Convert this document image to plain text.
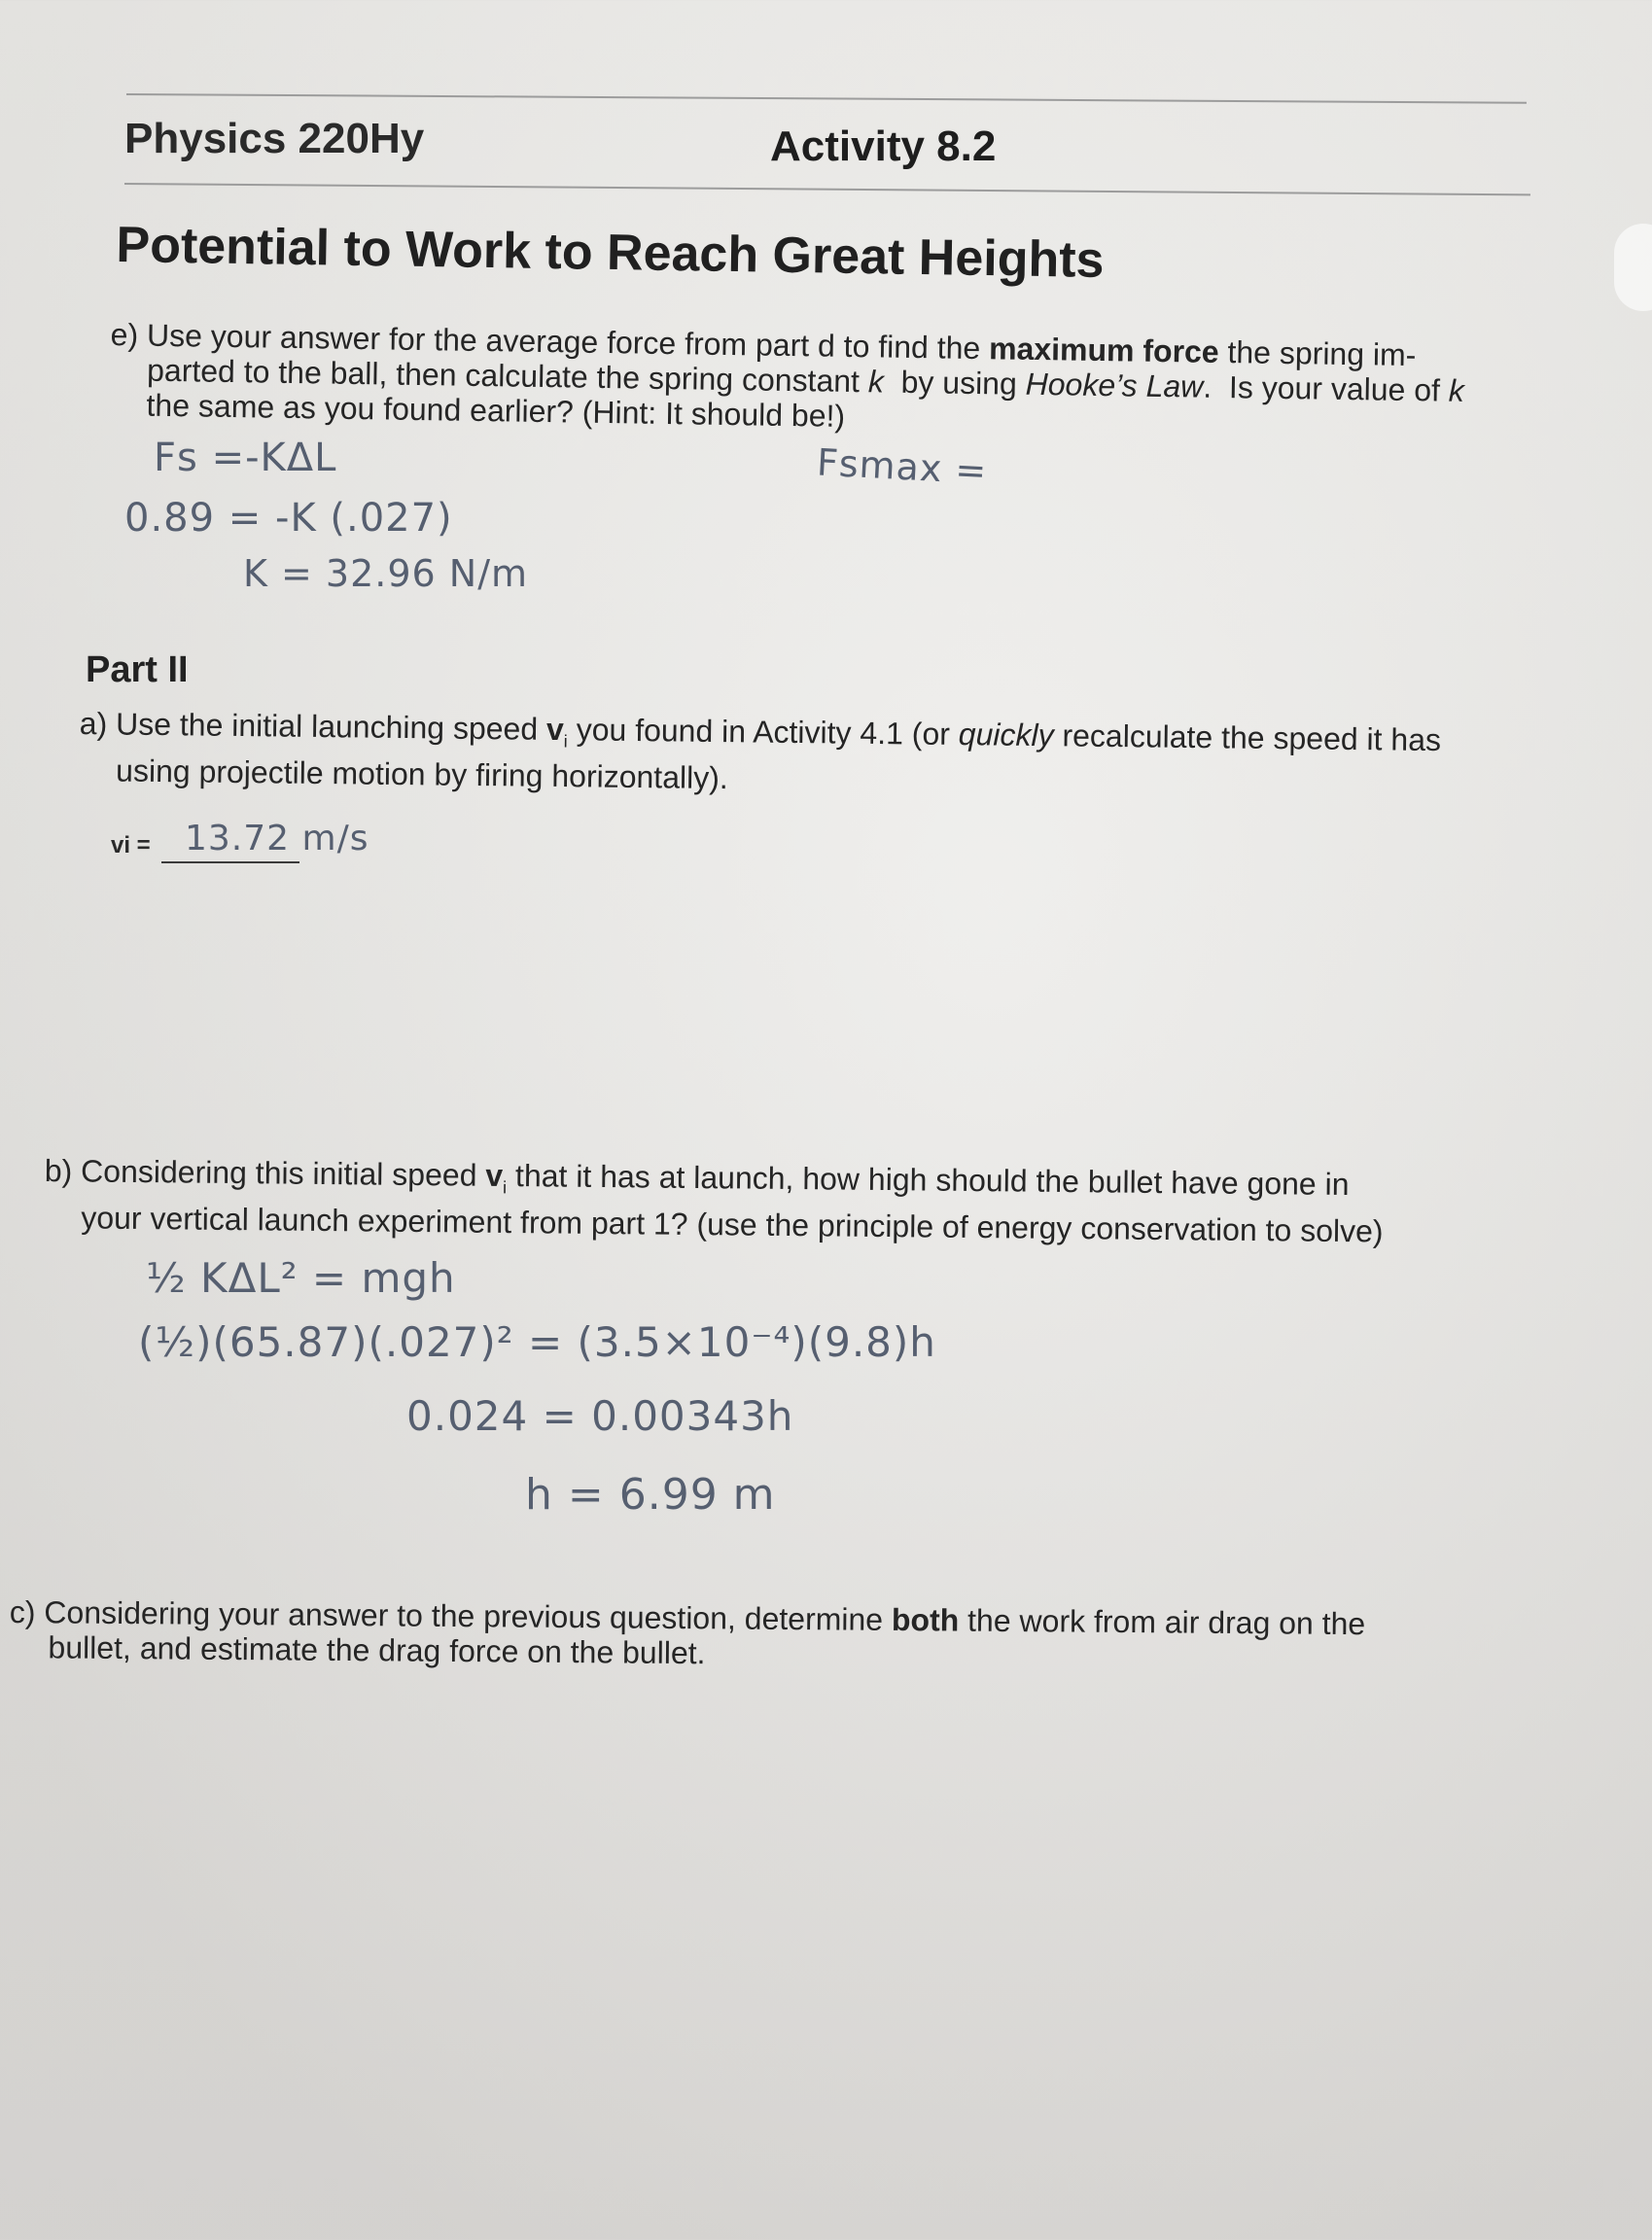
Physics 220Hy	Activity 8.2
Potential to Work to Reach Great Heights
e) Use your answer for the average force from part d to find the maximum force the spring im-
parted to the ball, then calculate the spring constant k  by using Hooke’s Law.  Is your value of k
the same as you found earlier? (Hint: It should be!)
Fs =-KΔL	Fsmax =
0.89 = -K (.027)
K = 32.96 N/m
Part II
a) Use the initial launching speed $v_i$ you found in Activity 4.1 (or quickly recalculate the speed it has
using projectile motion by firing horizontally).
vi = 13.72 m/s
b) Considering this initial speed $v_i$ that it has at launch, how high should the bullet have gone in
your vertical launch experiment from part 1? (use the principle of energy conservation to solve)
½ KΔL² = mgh
(½)(65.87)(.027)² = (3.5×10⁻⁴)(9.8)h
0.024 = 0.00343h
h = 6.99 m
c) Considering your answer to the previous question, determine both the work from air drag on the
bullet, and estimate the drag force on the bullet.
